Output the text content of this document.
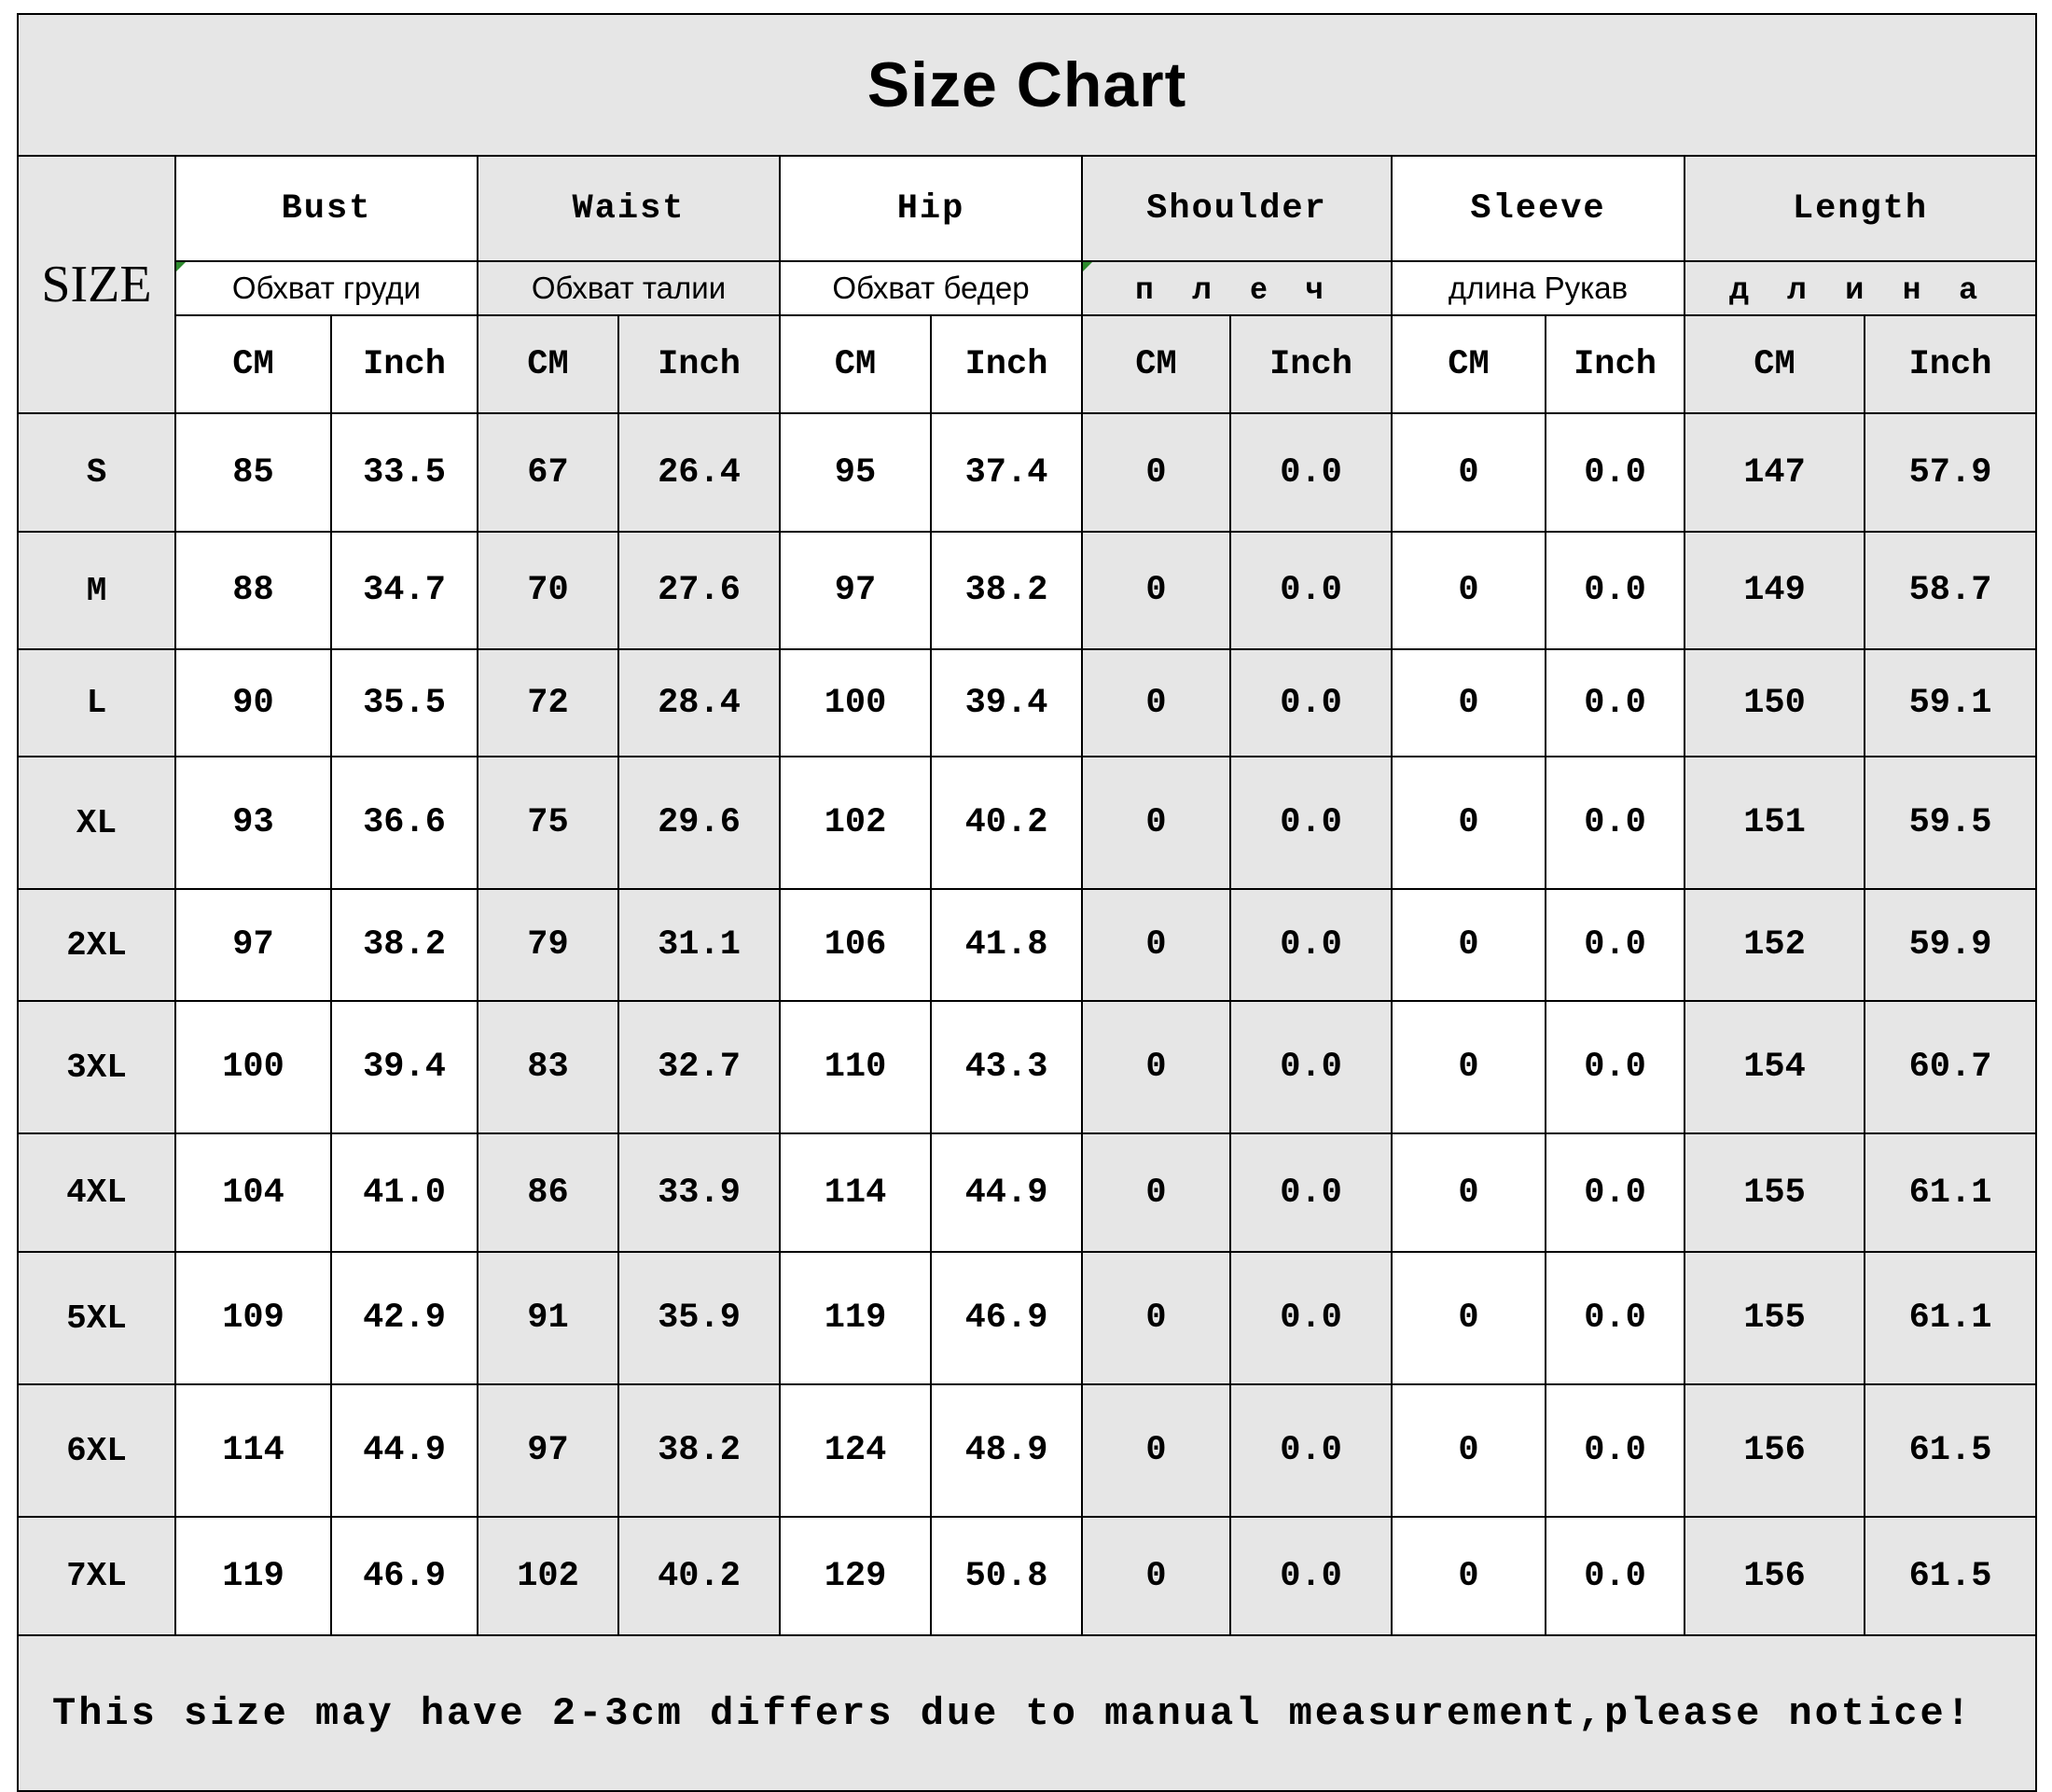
Size Chart												
SIZE	Bust		Waist		Hip		Shoulder		Sleeve		Length	
	Обхват груди		Обхват талии		Обхват бедер		п л е ч		длина Рукав		д л и н а	
	CM	Inch	CM	Inch	CM	Inch	CM	Inch	CM	Inch	CM	Inch
S	85	33.5	67	26.4	95	37.4	0	0.0	0	0.0	147	57.9
M	88	34.7	70	27.6	97	38.2	0	0.0	0	0.0	149	58.7
L	90	35.5	72	28.4	100	39.4	0	0.0	0	0.0	150	59.1
XL	93	36.6	75	29.6	102	40.2	0	0.0	0	0.0	151	59.5
2XL	97	38.2	79	31.1	106	41.8	0	0.0	0	0.0	152	59.9
3XL	100	39.4	83	32.7	110	43.3	0	0.0	0	0.0	154	60.7
4XL	104	41.0	86	33.9	114	44.9	0	0.0	0	0.0	155	61.1
5XL	109	42.9	91	35.9	119	46.9	0	0.0	0	0.0	155	61.1
6XL	114	44.9	97	38.2	124	48.9	0	0.0	0	0.0	156	61.5
7XL	119	46.9	102	40.2	129	50.8	0	0.0	0	0.0	156	61.5
This size may have 2-3cm differs due to manual measurement,please notice!												
